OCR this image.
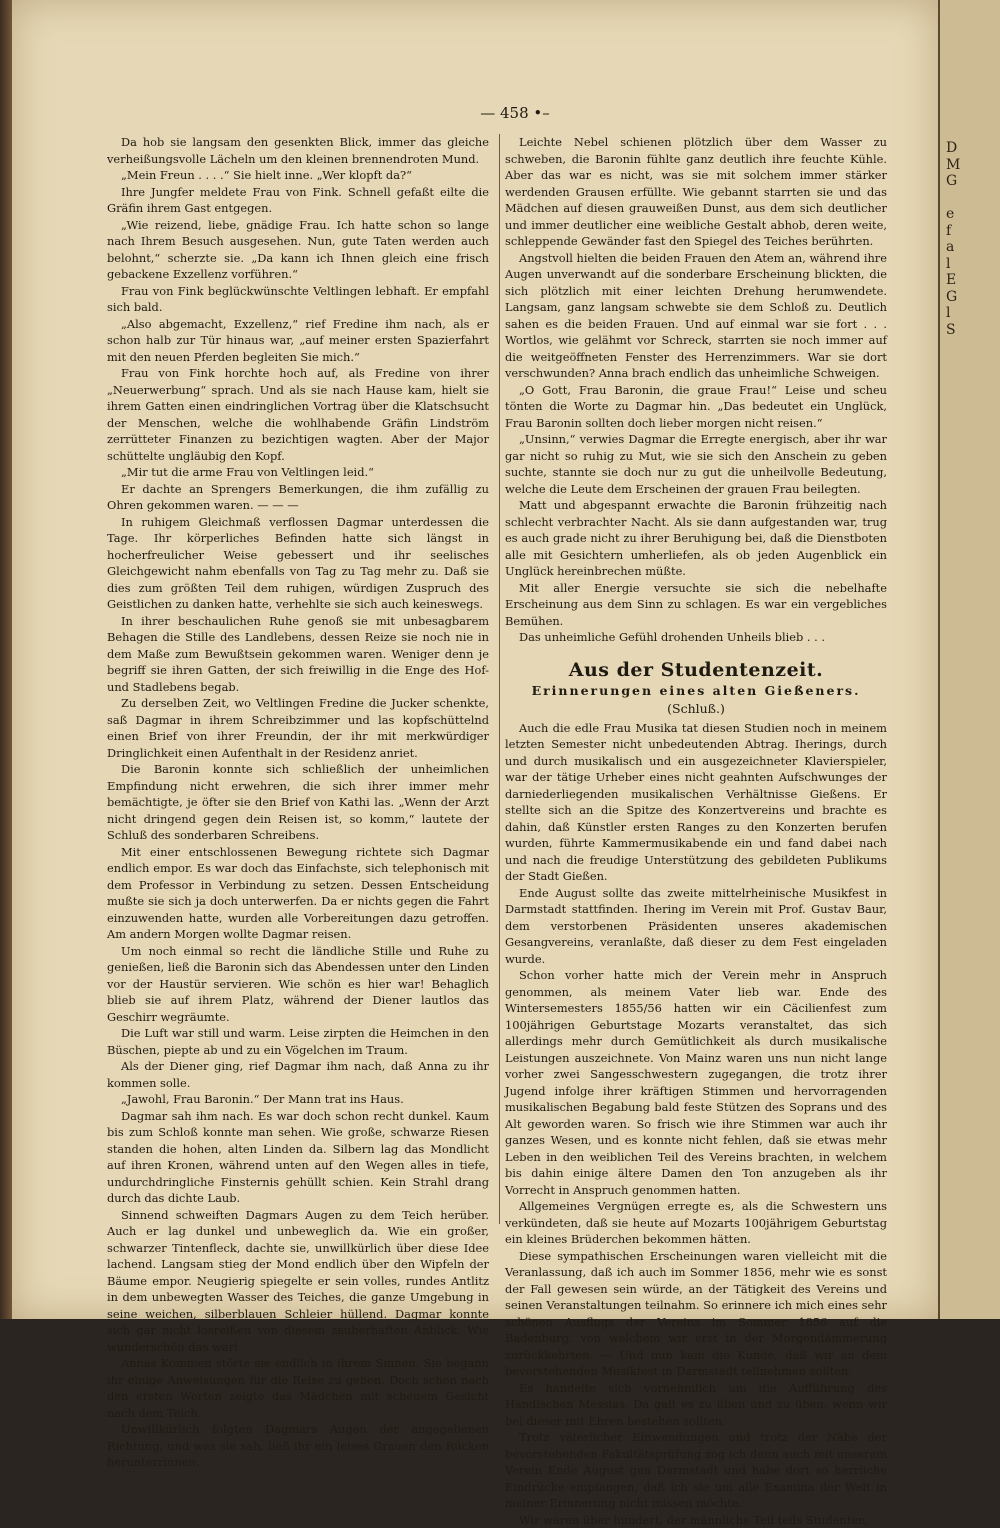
D
M
G
e
f
a
l
E
G
l
S
— 458 •–

Da hob sie langsam den gesenkten Blick, immer das gleiche verheißungsvolle Lächeln um den kleinen brennendroten Mund.

„Mein Freun . . . .“ Sie hielt inne. „Wer klopft da?“

Ihre Jungfer meldete Frau von Fink. Schnell gefaßt eilte die Gräfin ihrem Gast entgegen.

„Wie reizend, liebe, gnädige Frau. Ich hatte schon so lange nach Ihrem Besuch ausgesehen. Nun, gute Taten werden auch belohnt,“ scherzte sie. „Da kann ich Ihnen gleich eine frisch gebackene Exzellenz vorführen.“

Frau von Fink beglückwünschte Veltlingen lebhaft. Er empfahl sich bald.

„Also abgemacht, Exzellenz,“ rief Fredine ihm nach, als er schon halb zur Tür hinaus war, „auf meiner ersten Spazierfahrt mit den neuen Pferden begleiten Sie mich.“

Frau von Fink horchte hoch auf, als Fredine von ihrer „Neuerwerbung“ sprach. Und als sie nach Hause kam, hielt sie ihrem Gatten einen eindringlichen Vortrag über die Klatschsucht der Menschen, welche die wohlhabende Gräfin Lindström zerrütteter Finanzen zu bezichtigen wagten. Aber der Major schüttelte ungläubig den Kopf.

„Mir tut die arme Frau von Veltlingen leid.“

Er dachte an Sprengers Bemerkungen, die ihm zufällig zu Ohren gekommen waren. — — —

In ruhigem Gleichmaß verflossen Dagmar unterdessen die Tage. Ihr körperliches Befinden hatte sich längst in hocherfreulicher Weise gebessert und ihr seelisches Gleichgewicht nahm ebenfalls von Tag zu Tag mehr zu. Daß sie dies zum größten Teil dem ruhigen, würdigen Zuspruch des Geistlichen zu danken hatte, verhehlte sie sich auch keineswegs.

In ihrer beschaulichen Ruhe genoß sie mit unbesagbarem Behagen die Stille des Landlebens, dessen Reize sie noch nie in dem Maße zum Bewußtsein gekommen waren. Weniger denn je begriff sie ihren Gatten, der sich freiwillig in die Enge des Hof- und Stadlebens begab.

Zu derselben Zeit, wo Veltlingen Fredine die Jucker schenkte, saß Dagmar in ihrem Schreibzimmer und las kopfschüttelnd einen Brief von ihrer Freundin, der ihr mit merkwürdiger Dringlichkeit einen Aufenthalt in der Residenz anriet.

Die Baronin konnte sich schließlich der unheimlichen Empfindung nicht erwehren, die sich ihrer immer mehr bemächtigte, je öfter sie den Brief von Kathi las. „Wenn der Arzt nicht dringend gegen dein Reisen ist, so komm,“ lautete der Schluß des sonderbaren Schreibens.

Mit einer entschlossenen Bewegung richtete sich Dagmar endlich empor. Es war doch das Einfachste, sich telephonisch mit dem Professor in Verbindung zu setzen. Dessen Entscheidung mußte sie sich ja doch unterwerfen. Da er nichts gegen die Fahrt einzuwenden hatte, wurden alle Vorbereitungen dazu getroffen. Am andern Morgen wollte Dagmar reisen.

Um noch einmal so recht die ländliche Stille und Ruhe zu genießen, ließ die Baronin sich das Abendessen unter den Linden vor der Haustür servieren. Wie schön es hier war! Behaglich blieb sie auf ihrem Platz, während der Diener lautlos das Geschirr wegräumte.

Die Luft war still und warm. Leise zirpten die Heimchen in den Büschen, piepte ab und zu ein Vögelchen im Traum.

Als der Diener ging, rief Dagmar ihm nach, daß Anna zu ihr kommen solle.

„Jawohl, Frau Baronin.“ Der Mann trat ins Haus.

Dagmar sah ihm nach. Es war doch schon recht dunkel. Kaum bis zum Schloß konnte man sehen. Wie große, schwarze Riesen standen die hohen, alten Linden da. Silbern lag das Mondlicht auf ihren Kronen, während unten auf den Wegen alles in tiefe, undurchdringliche Finsternis gehüllt schien. Kein Strahl drang durch das dichte Laub.

Sinnend schweiften Dagmars Augen zu dem Teich herüber. Auch er lag dunkel und unbeweglich da. Wie ein großer, schwarzer Tintenfleck, dachte sie, unwillkürlich über diese Idee lachend. Langsam stieg der Mond endlich über den Wipfeln der Bäume empor. Neugierig spiegelte er sein volles, rundes Antlitz in dem unbewegten Wasser des Teiches, die ganze Umgebung in seine weichen, silberblauen Schleier hüllend. Dagmar konnte sich gar nicht losreißen von diesem zauberhaften Anblick. Wie wunderschön das war!

Annas Kommen störte sie endlich in ihrem Sinnen. Sie begann ihr einige Anweisungen für die Reise zu geben. Doch schon nach den ersten Worten zeigte das Mädchen mit scheuem Gesicht nach dem Teich.

Unwillkürlich folgten Dagmars Augen der angegebenen Richtung, und was sie sah, ließ ihr ein leises Grauen den Rücken herunterrinnen.

Leichte Nebel schienen plötzlich über dem Wasser zu schweben, die Baronin fühlte ganz deutlich ihre feuchte Kühle. Aber das war es nicht, was sie mit solchem immer stärker werdenden Grausen erfüllte. Wie gebannt starrten sie und das Mädchen auf diesen grauweißen Dunst, aus dem sich deutlicher und immer deutlicher eine weibliche Gestalt abhob, deren weite, schleppende Gewänder fast den Spiegel des Teiches berührten.

Angstvoll hielten die beiden Frauen den Atem an, während ihre Augen unverwandt auf die sonderbare Erscheinung blickten, die sich plötzlich mit einer leichten Drehung herumwendete. Langsam, ganz langsam schwebte sie dem Schloß zu. Deutlich sahen es die beiden Frauen. Und auf einmal war sie fort . . . Wortlos, wie gelähmt vor Schreck, starrten sie noch immer auf die weitgeöffneten Fenster des Herrenzimmers. War sie dort verschwunden? Anna brach endlich das unheimliche Schweigen.

„O Gott, Frau Baronin, die graue Frau!“ Leise und scheu tönten die Worte zu Dagmar hin. „Das bedeutet ein Unglück, Frau Baronin sollten doch lieber morgen nicht reisen.“

„Unsinn,“ verwies Dagmar die Erregte energisch, aber ihr war gar nicht so ruhig zu Mut, wie sie sich den Anschein zu geben suchte, stannte sie doch nur zu gut die unheilvolle Bedeutung, welche die Leute dem Erscheinen der grauen Frau beilegten.

Matt und abgespannt erwachte die Baronin frühzeitig nach schlecht verbrachter Nacht. Als sie dann aufgestanden war, trug es auch grade nicht zu ihrer Beruhigung bei, daß die Dienstboten alle mit Gesichtern umherliefen, als ob jeden Augenblick ein Unglück hereinbrechen müßte.

Mit aller Energie versuchte sie sich die nebelhafte Erscheinung aus dem Sinn zu schlagen. Es war ein vergebliches Bemühen.

Das unheimliche Gefühl drohenden Unheils blieb . . .

Aus der Studentenzeit.
Erinnerungen eines alten Gießeners.
(Schluß.)

Auch die edle Frau Musika tat diesen Studien noch in meinem letzten Semester nicht unbedeutenden Abtrag. Iherings, durch und durch musikalisch und ein ausgezeichneter Klavierspieler, war der tätige Urheber eines nicht geahnten Aufschwunges der darniederliegenden musikalischen Verhältnisse Gießens. Er stellte sich an die Spitze des Konzertvereins und brachte es dahin, daß Künstler ersten Ranges zu den Konzerten berufen wurden, führte Kammermusikabende ein und fand dabei nach und nach die freudige Unterstützung des gebildeten Publikums der Stadt Gießen.

Ende August sollte das zweite mittelrheinische Musikfest in Darmstadt stattfinden. Ihering im Verein mit Prof. Gustav Baur, dem verstorbenen Präsidenten unseres akademischen Gesangvereins, veranlaßte, daß dieser zu dem Fest eingeladen wurde.

Schon vorher hatte mich der Verein mehr in Anspruch genommen, als meinem Vater lieb war. Ende des Wintersemesters 1855/56 hatten wir ein Cäcilienfest zum 100jährigen Geburtstage Mozarts veranstaltet, das sich allerdings mehr durch Gemütlichkeit als durch musikalische Leistungen auszeichnete. Von Mainz waren uns nun nicht lange vorher zwei Sangesschwestern zugegangen, die trotz ihrer Jugend infolge ihrer kräftigen Stimmen und hervorragenden musikalischen Begabung bald feste Stützen des Soprans und des Alt geworden waren. So frisch wie ihre Stimmen war auch ihr ganzes Wesen, und es konnte nicht fehlen, daß sie etwas mehr Leben in den weiblichen Teil des Vereins brachten, in welchem bis dahin einige ältere Damen den Ton anzugeben als ihr Vorrecht in Anspruch genommen hatten.

Allgemeines Vergnügen erregte es, als die Schwestern uns verkündeten, daß sie heute auf Mozarts 100jährigem Geburtstag ein kleines Brüderchen bekommen hätten.

Diese sympathischen Erscheinungen waren vielleicht mit die Veranlassung, daß ich auch im Sommer 1856, mehr wie es sonst der Fall gewesen sein würde, an der Tätigkeit des Vereins und seinen Veranstaltungen teilnahm. So erinnere ich mich eines sehr schönen Ausflugs der Vereins im Sommer 1856 auf die Badenburg, von welchem wir erst in der Morgendämmerung zurückkehrten. — Und nun kam die Kunde, daß wir an dem bevorstehenden Musikfest in Darmstadt teilnehmen sollten.

Es handelte sich vornehmlich um die Aufführung des Händlschen Messias. Da galt es zu üben und zu üben, wenn wir bei dieser mit Ehren bestehen sollten.

Trotz väterlicher Einwendungen und trotz der Nähe der bevorstehenden Fakultätsprüfung zog ich denn auch mit unserem Verein Ende August gen Darmstadt und habe dort so herrliche Eindrücke empfangen, daß ich sie um alle Examina der Welt in meiner Erinnerung nicht missen möchte.

Wir waren über hundert, der männliche Teil teils Studenten,
